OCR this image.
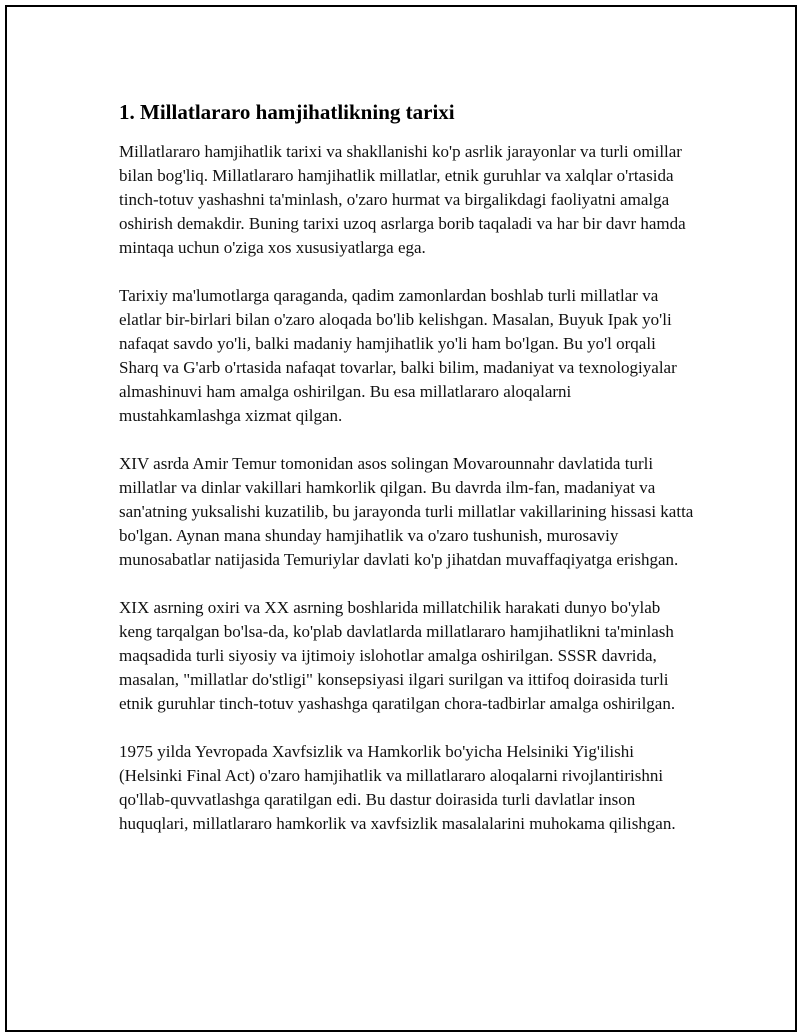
1. Millatlararo hamjihatlikning tarixi

Millatlararo hamjihatlik tarixi va shakllanishi ko'p asrlik jarayonlar va turli omillar bilan bog'liq. Millatlararo hamjihatlik millatlar, etnik guruhlar va xalqlar o'rtasida tinch-totuv yashashni ta'minlash, o'zaro hurmat va birgalikdagi faoliyatni amalga oshirish demakdir. Buning tarixi uzoq asrlarga borib taqaladi va har bir davr hamda mintaqa uchun o'ziga xos xususiyatlarga ega.

Tarixiy ma'lumotlarga qaraganda, qadim zamonlardan boshlab turli millatlar va elatlar bir-birlari bilan o'zaro aloqada bo'lib kelishgan. Masalan, Buyuk Ipak yo'li nafaqat savdo yo'li, balki madaniy hamjihatlik yo'li ham bo'lgan. Bu yo'l orqali Sharq va G'arb o'rtasida nafaqat tovarlar, balki bilim, madaniyat va texnologiyalar almashinuvi ham amalga oshirilgan. Bu esa millatlararo aloqalarni mustahkamlashga xizmat qilgan.

XIV asrda Amir Temur tomonidan asos solingan Movarounnahr davlatida turli millatlar va dinlar vakillari hamkorlik qilgan. Bu davrda ilm-fan, madaniyat va san'atning yuksalishi kuzatilib, bu jarayonda turli millatlar vakillarining hissasi katta bo'lgan. Aynan mana shunday hamjihatlik va o'zaro tushunish, murosaviy munosabatlar natijasida Temuriylar davlati ko'p jihatdan muvaffaqiyatga erishgan.

XIX asrning oxiri va XX asrning boshlarida millatchilik harakati dunyo bo'ylab keng tarqalgan bo'lsa-da, ko'plab davlatlarda millatlararo hamjihatlikni ta'minlash maqsadida turli siyosiy va ijtimoiy islohotlar amalga oshirilgan. SSSR davrida, masalan, "millatlar do'stligi" konsepsiyasi ilgari surilgan va ittifoq doirasida turli etnik guruhlar tinch-totuv yashashga qaratilgan chora-tadbirlar amalga oshirilgan.

1975 yilda Yevropada Xavfsizlik va Hamkorlik bo'yicha Helsiniki Yig'ilishi (Helsinki Final Act) o'zaro hamjihatlik va millatlararo aloqalarni rivojlantirishni qo'llab-quvvatlashga qaratilgan edi. Bu dastur doirasida turli davlatlar inson huquqlari, millatlararo hamkorlik va xavfsizlik masalalarini muhokama qilishgan.
